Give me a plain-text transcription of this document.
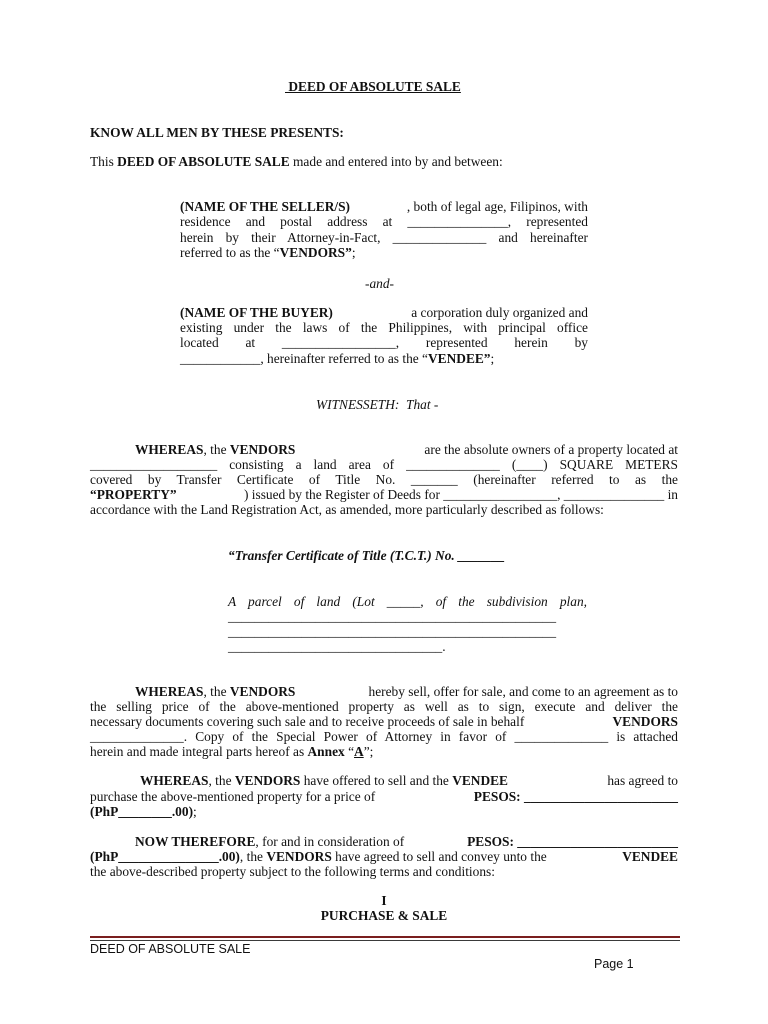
DEED OF ABSOLUTE SALE
KNOW ALL MEN BY THESE PRESENTS:
This DEED OF ABSOLUTE SALE made and entered into by and between:
(NAME OF THE SELLER/S)	, both of legal age, Filipinos, with
residence and postal address at _______________, represented
herein by their Attorney-in-Fact, ______________ and hereinafter
referred to as the “VENDORS”;
-and-
(NAME OF THE BUYER)	a corporation duly organized and
existing under the laws of the Philippines, with principal office
located at _________________, represented herein by
____________, hereinafter referred to as the “VENDEE”;
WITNESSETH:  That -
WHEREAS, the VENDORS	are the absolute owners of a property located at
___________________ consisting a land area of ______________ (____) SQUARE METERS
covered by Transfer Certificate of Title No. _______ (hereinafter referred to as the
“PROPERTY”	) issued by the Register of Deeds for _________________, _______________ in
accordance with the Land Registration Act, as amended, more particularly described as follows:
“Transfer Certificate of Title (T.C.T.) No. _______
A parcel of land (Lot _____, of the subdivision plan,
_________________________________________________
_________________________________________________
________________________________.
WHEREAS, the VENDORS	hereby sell, offer for sale, and come to an agreement as to
the selling price of the above-mentioned property as well as to sign, execute and deliver the
necessary documents covering such sale and to receive proceeds of sale in behalf	VENDORS
______________. Copy of the Special Power of Attorney in favor of ______________ is attached
herein and made integral parts hereof as Annex “A”;
WHEREAS, the VENDORS have offered to sell and the VENDEE	has agreed to
purchase the above-mentioned property for a price of	PESOS: _______________________
(PhP________.00);
NOW THEREFORE, for and in consideration of	PESOS: ________________________
(PhP_______________.00), the VENDORS have agreed to sell and convey unto the	VENDEE
the above-described property subject to the following terms and conditions:
I
PURCHASE & SALE
DEED OF ABSOLUTE SALE
Page 1
